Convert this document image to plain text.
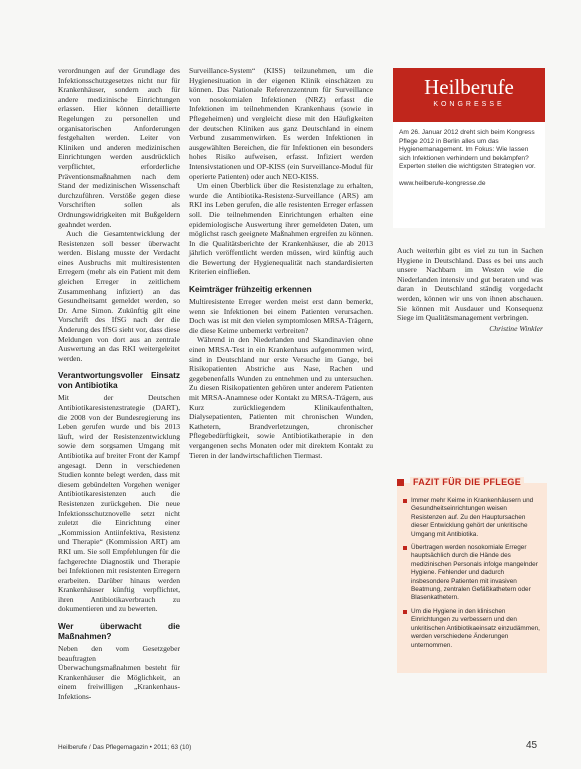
verordnungen auf der Grundlage des Infektionsschutzgesetzes nicht nur für Krankenhäuser, sondern auch für andere medizinische Einrichtungen erlassen. Hier können detaillierte Regelungen zu personellen und organisatorischen Anforderungen festgehalten werden. Leiter von Kliniken und anderen medizinischen Einrichtungen werden ausdrücklich verpflichtet, erforderliche Präventionsmaßnahmen nach dem Stand der medizinischen Wissenschaft durchzuführen. Verstöße gegen diese Vorschriften sollen als Ordnungswidrigkeiten mit Bußgeldern geahndet werden.

Auch die Gesamtentwicklung der Resistenzen soll besser überwacht werden. Bislang musste der Verdacht eines Ausbruchs mit multiresistenten Erregern (mehr als ein Patient mit dem gleichen Erreger in zeitlichem Zusammenhang infiziert) an das Gesundheitsamt gemeldet werden, so Dr. Arne Simon. Zukünftig gilt eine Vorschrift des IfSG nach der die Änderung des IfSG sieht vor, dass diese Meldungen von dort aus an zentrale Auswertung an das RKI weitergeleitet werden.

Verantwortungsvoller Einsatz von Antibiotika

Mit der Deutschen Antibiotikaresistenzstrategie (DART), die 2008 von der Bundesregierung ins Leben gerufen wurde und bis 2013 läuft, wird der Resistenzentwicklung sowie dem sorgsamen Umgang mit Antibiotika auf breiter Front der Kampf angesagt. Denn in verschiedenen Studien konnte belegt werden, dass mit diesem gebündelten Vorgehen weniger Antibiotikaresistenzen auch die Resistenzen zurückgehen. Die neue Infektionsschutznovelle setzt nicht zuletzt die Einrichtung einer „Kommission Antiinfektiva, Resistenz und Therapie“ (Kommission ART) am RKI um. Sie soll Empfehlungen für die fachgerechte Diagnostik und Therapie bei Infektionen mit resistenten Erregern erarbeiten. Darüber hinaus werden Krankenhäuser künftig verpflichtet, ihren Antibiotikaverbrauch zu dokumentieren und zu bewerten.

Wer überwacht die Maßnahmen?

Neben den vom Gesetzgeber beauftragten Überwachungsmaßnahmen besteht für Krankenhäuser die Möglichkeit, an einem freiwilligen „Krankenhaus-Infektions-

Surveillance-System“ (KISS) teilzunehmen, um die Hygienesituation in der eigenen Klinik einschätzen zu können. Das Nationale Referenzzentrum für Surveillance von nosokomialen Infektionen (NRZ) erfasst die Infektionen im teilnehmenden Krankenhaus (sowie in Pflegeheimen) und vergleicht diese mit den Häufigkeiten der deutschen Kliniken aus ganz Deutschland in einem Verbund zusammenwirken. Es werden Infektionen in ausgewählten Bereichen, die für Infektionen ein besonders hohes Risiko aufweisen, erfasst. Infiziert werden Intensivstationen und OP-KISS (ein Surveillance-Modul für operierte Patienten) oder auch NEO-KISS.

Um einen Überblick über die Resistenzlage zu erhalten, wurde die Antibiotika-Resistenz-Surveillance (ARS) am RKI ins Leben gerufen, die alle resistenten Erreger erfassen soll. Die teilnehmenden Einrichtungen erhalten eine epidemiologische Auswertung ihrer gemeldeten Daten, um möglichst rasch geeignete Maßnahmen ergreifen zu können. In die Qualitätsberichte der Krankenhäuser, die ab 2013 jährlich veröffentlicht werden müssen, wird künftig auch die Bewertung der Hygienequalität nach standardisierten Kriterien einfließen.

Keimträger frühzeitig erkennen

Multiresistente Erreger werden meist erst dann bemerkt, wenn sie Infektionen bei einem Patienten verursachen. Doch was ist mit den vielen symptomlosen MRSA-Trägern, die diese Keime unbemerkt verbreiten?

Während in den Niederlanden und Skandinavien ohne einen MRSA-Test in ein Krankenhaus aufgenommen wird, sind in Deutschland nur erste Versuche im Gange, bei Risikopatienten Abstriche aus Nase, Rachen und gegebenenfalls Wunden zu entnehmen und zu untersuchen. Zu diesen Risikopatienten gehören unter anderem Patienten mit MRSA-Anamnese oder Kontakt zu MRSA-Trägern, aus Kurz zurückliegendem Klinikaufenthalten, Dialysepatienten, Patienten mit chronischen Wunden, Kathetern, Brandverletzungen, chronischer Pflegebedürftigkeit, sowie Antibiotikatherapie in den vergangenen sechs Monaten oder mit direktem Kontakt zu Tieren in der landwirtschaftlichen Tiermast.

Heilberufe
KONGRESSE
Am 26. Januar 2012 dreht sich beim Kongress Pflege 2012 in Berlin alles um das Hygienemanagement. Im Fokus: Wie lassen sich Infektionen verhindern und bekämpfen? Experten stellen die wichtigsten Strategien vor.
www.heilberufe-kongresse.de

Auch weiterhin gibt es viel zu tun in Sachen Hygiene in Deutschland. Dass es bei uns auch unsere Nachbarn im Westen wie die Niederlanden intensiv und gut beraten und was daran in Deutschland ständig vorgedacht werden, können wir uns von ihnen abschauen. Sie können mit Ausdauer und Konsequenz Siege im Qualitätsmanagement verbringen.

Christine Winkler
FAZIT FÜR DIE PFLEGE
Immer mehr Keime in Krankenhäusern und Gesundheitseinrichtungen weisen Resistenzen auf. Zu den Hauptursachen dieser Entwicklung gehört der unkritische Umgang mit Antibiotika.
Übertragen werden nosokomiale Erreger hauptsächlich durch die Hände des medizinischen Personals infolge mangelnder Hygiene. Fehlender und dadurch insbesondere Patienten mit invasiven Beatmung, zentralen Gefäßkathetern oder Blasenkathetern.
Um die Hygiene in den klinischen Einrichtungen zu verbessern und den unkritischen Antibiotikaeinsatz einzudämmen, werden verschiedene Änderungen unternommen.
Heilberufe / Das Pflegemagazin • 2011; 63 (10)	45
